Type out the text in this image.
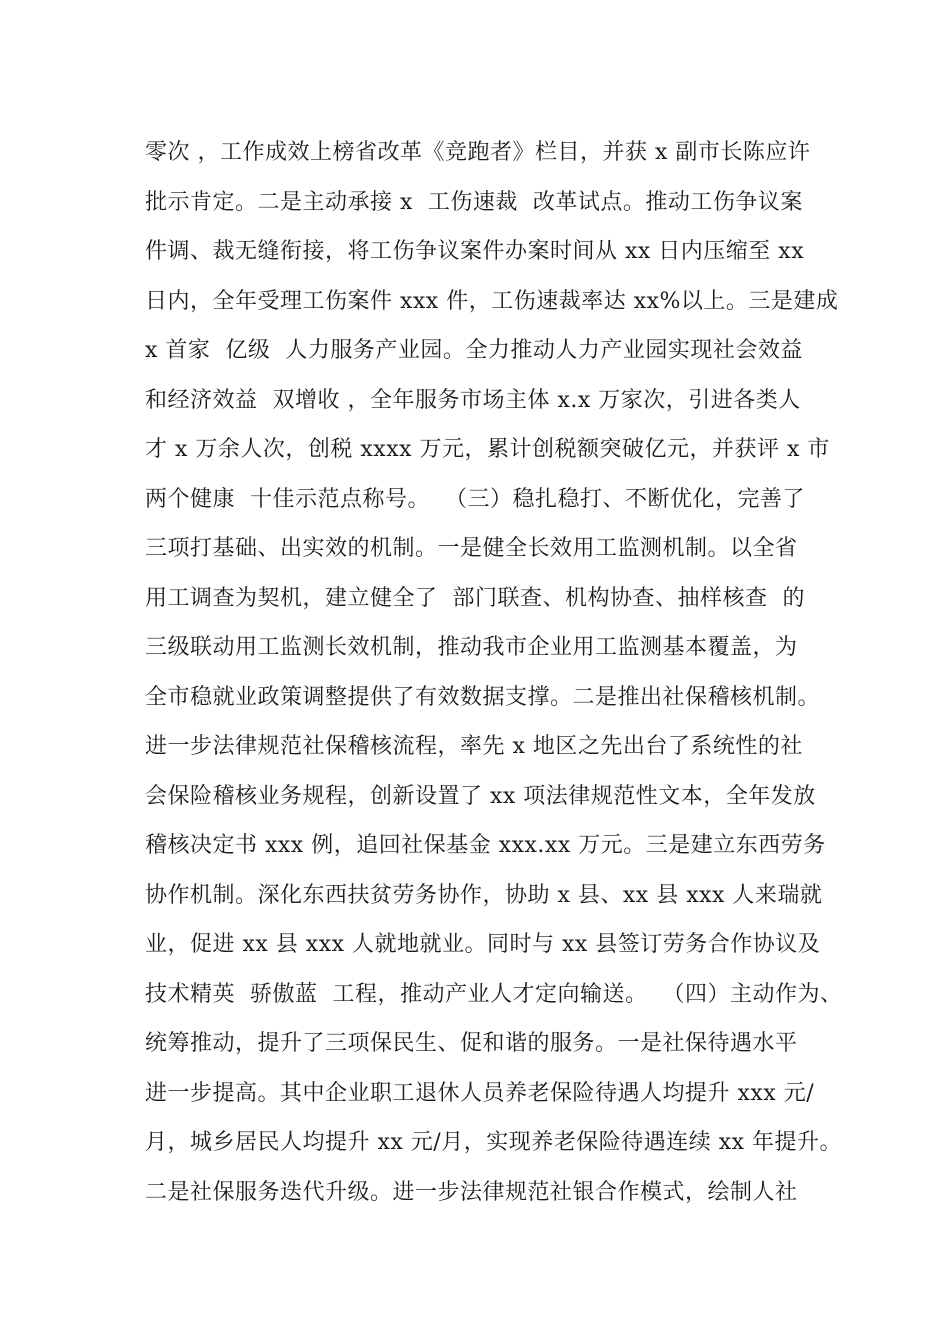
零次 ，工作成效上榜省改革《竞跑者》栏目，并获 x 副市长陈应许
批示肯定。二是主动承接 x  工伤速裁  改革试点。推动工伤争议案
件调、裁无缝衔接，将工伤争议案件办案时间从 xx 日内压缩至 xx
日内，全年受理工伤案件 xxx 件，工伤速裁率达 xx%以上。三是建成
x 首家  亿级  人力服务产业园。全力推动人力产业园实现社会效益
和经济效益  双增收 ，全年服务市场主体 x.x 万家次，引进各类人
才 x 万余人次，创税 xxxx 万元，累计创税额突破亿元，并获评 x 市
两个健康  十佳示范点称号。  （三）稳扎稳打、不断优化，完善了
三项打基础、出实效的机制。一是健全长效用工监测机制。以全省
用工调查为契机，建立健全了  部门联查、机构协查、抽样核查  的
三级联动用工监测长效机制，推动我市企业用工监测基本覆盖，为
全市稳就业政策调整提供了有效数据支撑。二是推出社保稽核机制。
进一步法律规范社保稽核流程，率先 x 地区之先出台了系统性的社
会保险稽核业务规程，创新设置了 xx 项法律规范性文本，全年发放
稽核决定书 xxx 例，追回社保基金 xxx.xx 万元。三是建立东西劳务
协作机制。深化东西扶贫劳务协作，协助 x 县、xx 县 xxx 人来瑞就
业，促进 xx 县 xxx 人就地就业。同时与 xx 县签订劳务合作协议及
技术精英  骄傲蓝  工程，推动产业人才定向输送。  （四）主动作为、
统筹推动，提升了三项保民生、促和谐的服务。一是社保待遇水平
进一步提高。其中企业职工退休人员养老保险待遇人均提升 xxx 元/
月，城乡居民人均提升 xx 元/月，实现养老保险待遇连续 xx 年提升。
二是社保服务迭代升级。进一步法律规范社银合作模式，绘制人社
